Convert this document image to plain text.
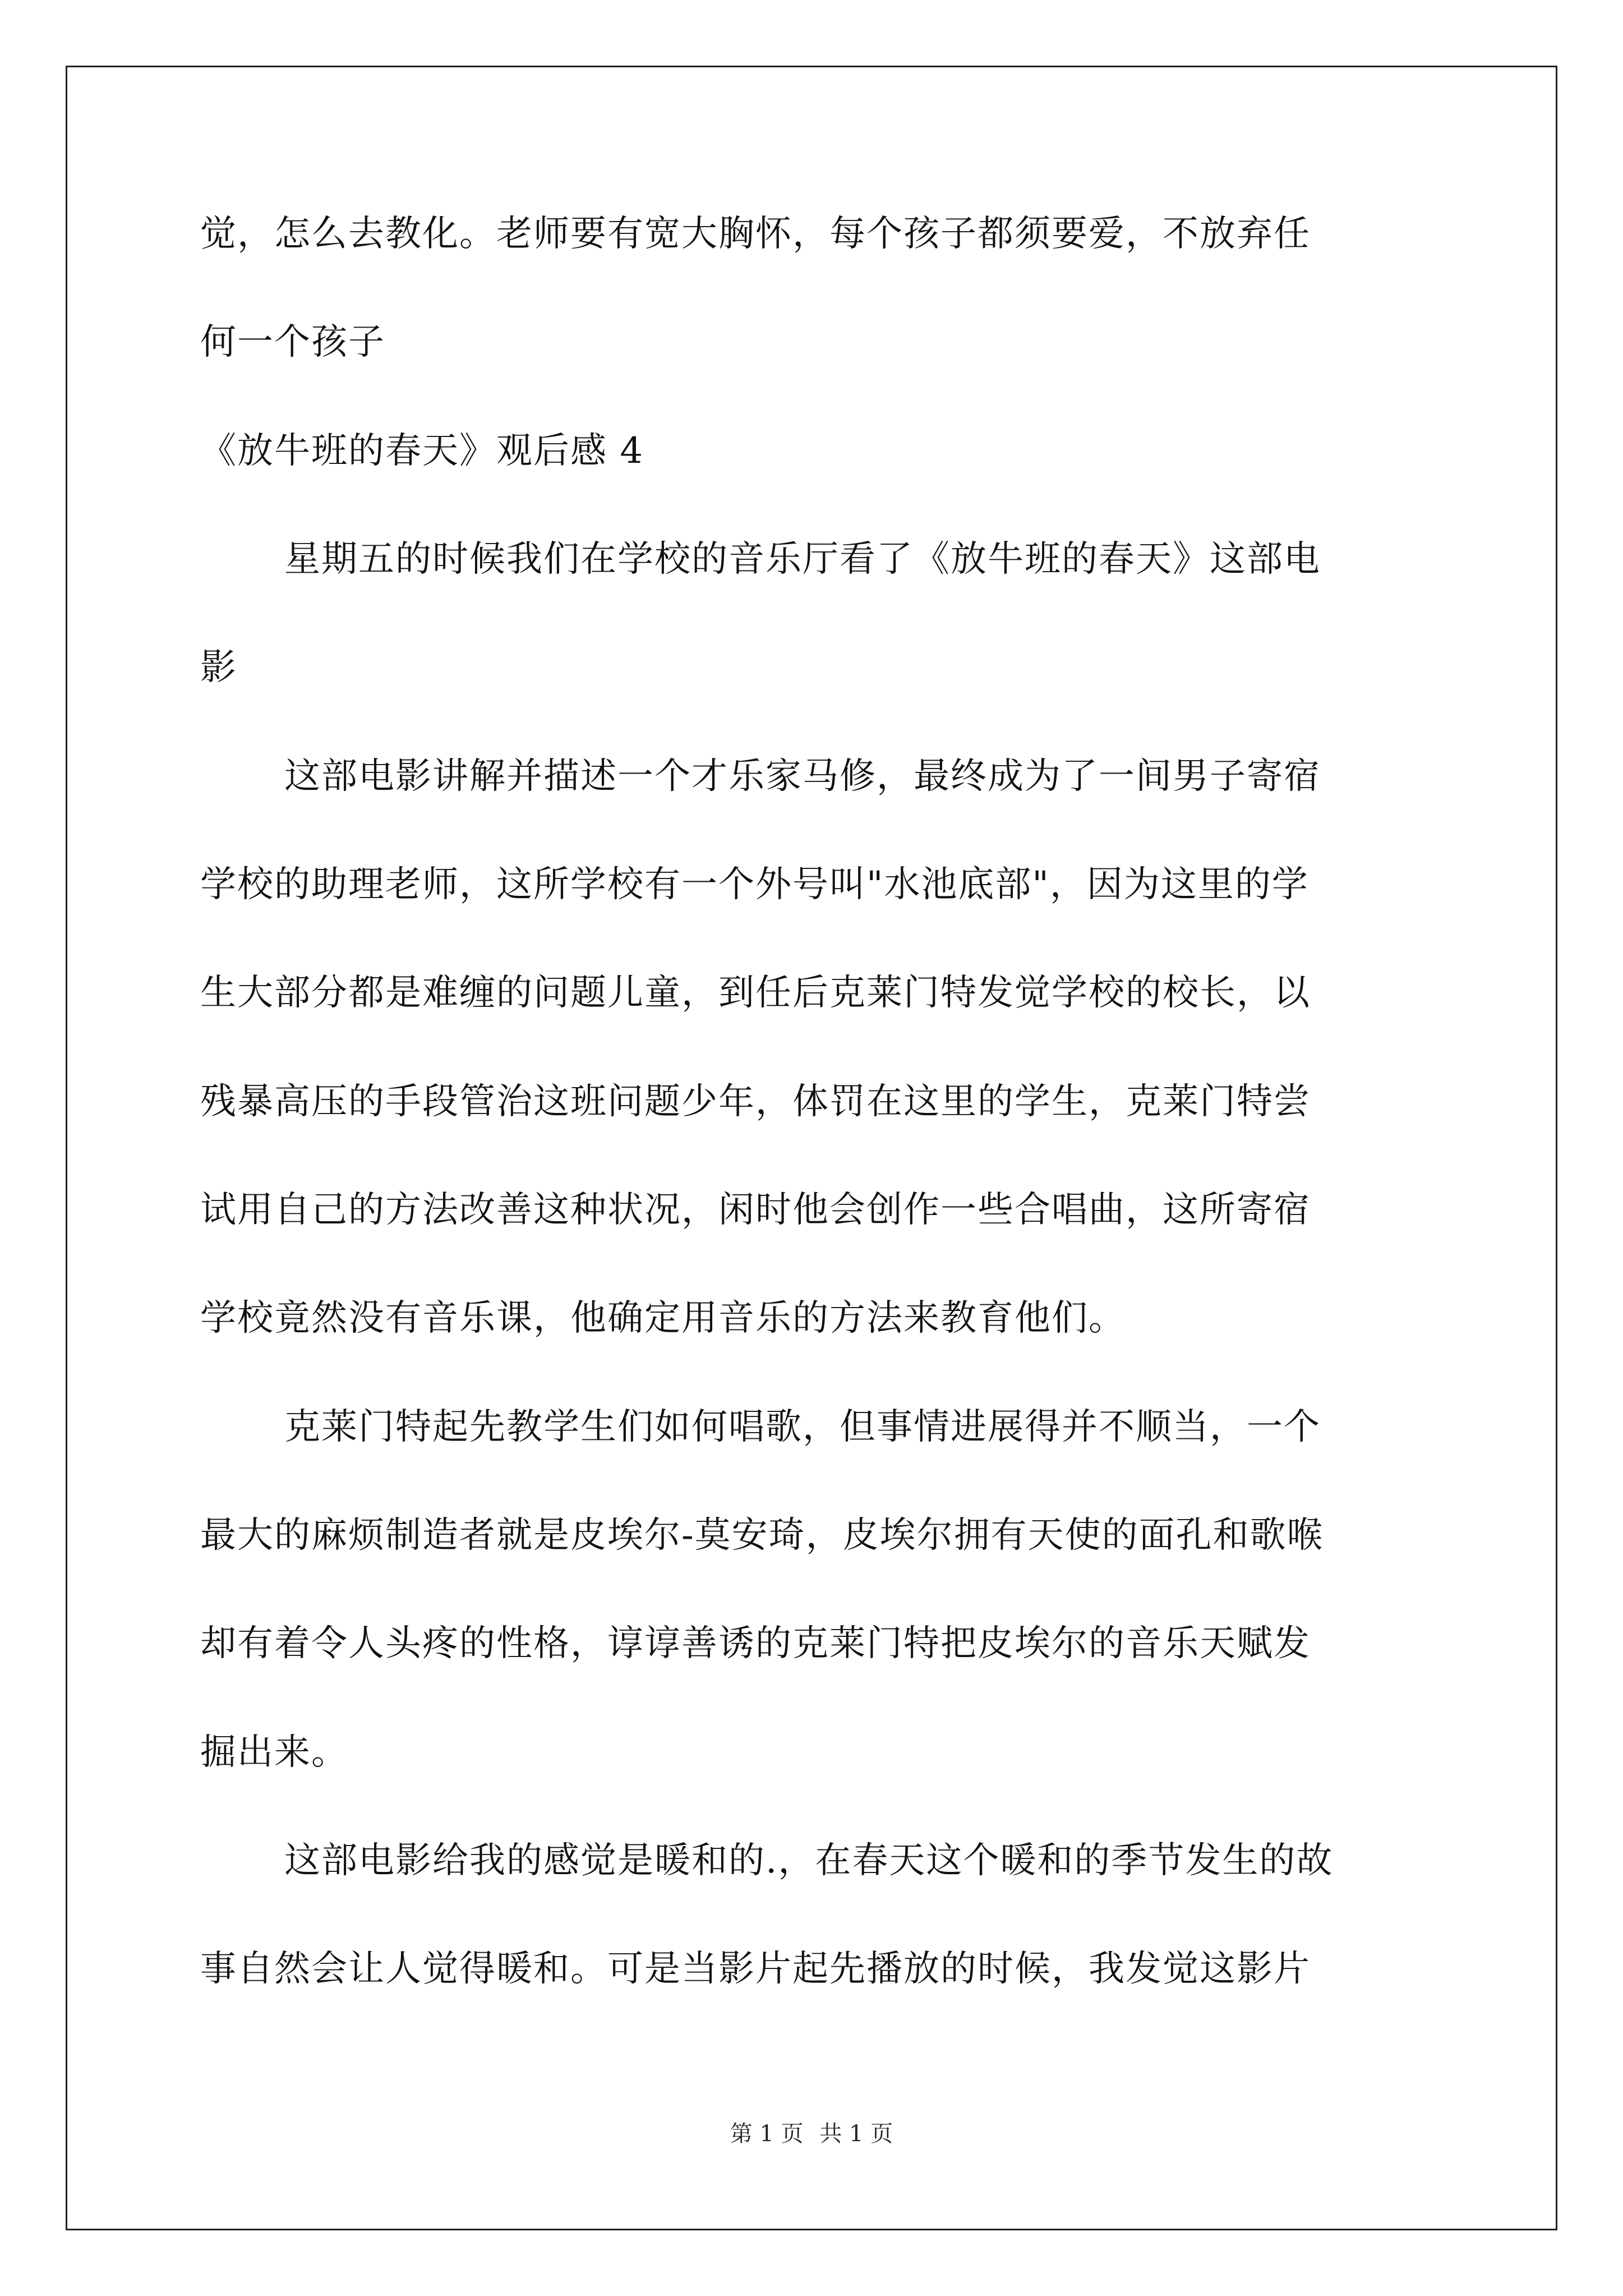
觉，怎么去教化。老师要有宽大胸怀，每个孩子都须要爱，不放弃任
何一个孩子
《放牛班的春天》观后感 4
星期五的时候我们在学校的音乐厅看了《放牛班的春天》这部电
影
这部电影讲解并描述一个才乐家马修，最终成为了一间男子寄宿
学校的助理老师，这所学校有一个外号叫"水池底部"，因为这里的学
生大部分都是难缠的问题儿童，到任后克莱门特发觉学校的校长，以
残暴高压的手段管治这班问题少年，体罚在这里的学生，克莱门特尝
试用自己的方法改善这种状况，闲时他会创作一些合唱曲，这所寄宿
学校竟然没有音乐课，他确定用音乐的方法来教育他们。
克莱门特起先教学生们如何唱歌，但事情进展得并不顺当，一个
最大的麻烦制造者就是皮埃尔-莫安琦，皮埃尔拥有天使的面孔和歌喉
却有着令人头疼的性格，谆谆善诱的克莱门特把皮埃尔的音乐天赋发
掘出来。
这部电影给我的感觉是暖和的.，在春天这个暖和的季节发生的故
事自然会让人觉得暖和。可是当影片起先播放的时候，我发觉这影片
第 1 页 共 1 页
